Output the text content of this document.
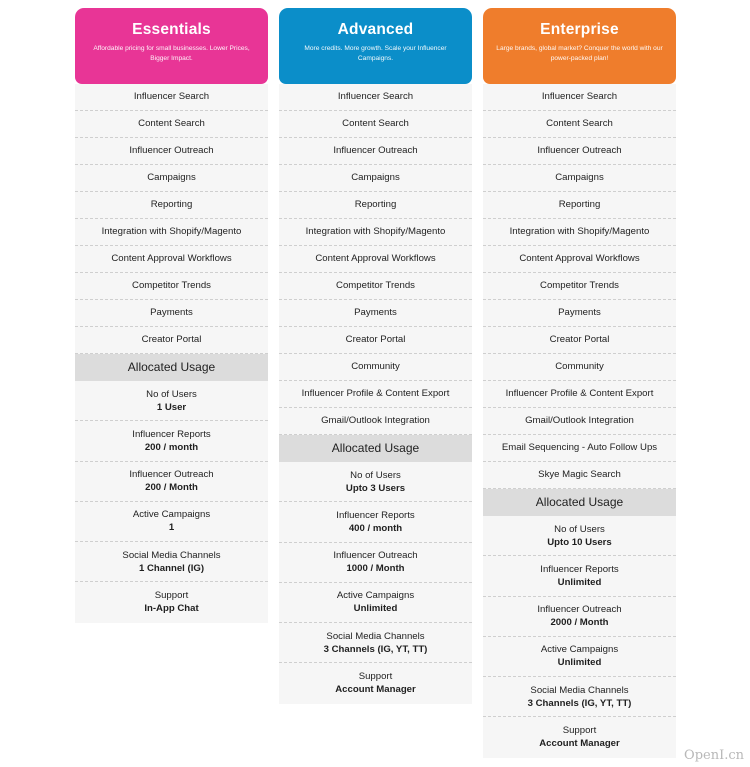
Essentials
Affordable pricing for small businesses. Lower Prices, Bigger Impact.
Influencer Search
Content Search
Influencer Outreach
Campaigns
Reporting
Integration with Shopify/Magento
Content Approval Workflows
Competitor Trends
Payments
Creator Portal
Allocated Usage
No of Users
1 User
Influencer Reports
200 / month
Influencer Outreach
200 / Month
Active Campaigns
1
Social Media Channels
1 Channel (IG)
Support
In-App Chat
Advanced
More credits. More growth. Scale your Influencer Campaigns.
Influencer Search
Content Search
Influencer Outreach
Campaigns
Reporting
Integration with Shopify/Magento
Content Approval Workflows
Competitor Trends
Payments
Creator Portal
Community
Influencer Profile & Content Export
Gmail/Outlook Integration
Allocated Usage
No of Users
Upto 3 Users
Influencer Reports
400 / month
Influencer Outreach
1000 / Month
Active Campaigns
Unlimited
Social Media Channels
3 Channels (IG, YT, TT)
Support
Account Manager
Enterprise
Large brands, global market? Conquer the world with our power-packed plan!
Influencer Search
Content Search
Influencer Outreach
Campaigns
Reporting
Integration with Shopify/Magento
Content Approval Workflows
Competitor Trends
Payments
Creator Portal
Community
Influencer Profile & Content Export
Gmail/Outlook Integration
Email Sequencing - Auto Follow Ups
Skye Magic Search
Allocated Usage
No of Users
Upto 10 Users
Influencer Reports
Unlimited
Influencer Outreach
2000 / Month
Active Campaigns
Unlimited
Social Media Channels
3 Channels (IG, YT, TT)
Support
Account Manager
OpenI.cn
